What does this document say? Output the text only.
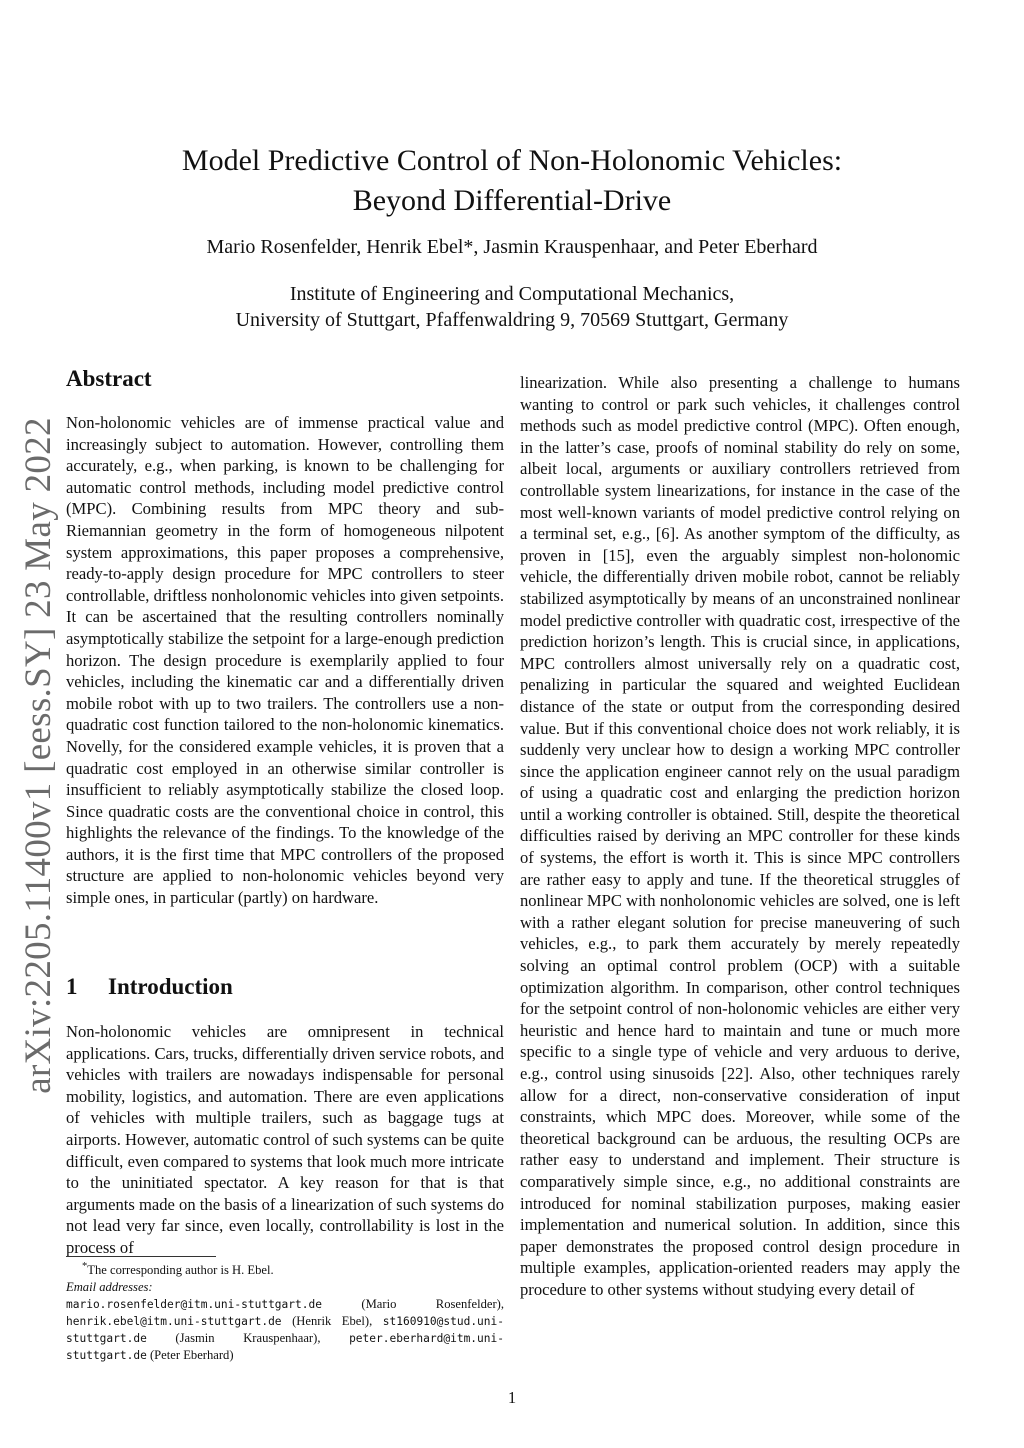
arXiv:2205.11400v1 [eess.SY] 23 May 2022
Model Predictive Control of Non-Holonomic Vehicles:
Beyond Differential-Drive
Mario Rosenfelder, Henrik Ebel*, Jasmin Krauspenhaar, and Peter Eberhard
Institute of Engineering and Computational Mechanics,
University of Stuttgart, Pfaffenwaldring 9, 70569 Stuttgart, Germany
Abstract

Non-holonomic vehicles are of immense practical value and increasingly subject to automation. However, controlling them accurately, e.g., when parking, is known to be challenging for automatic control methods, including model predictive control (MPC). Combining results from MPC theory and sub-Riemannian geometry in the form of homogeneous nilpotent system approximations, this paper proposes a comprehensive, ready-to-apply design procedure for MPC controllers to steer controllable, driftless nonholonomic vehicles into given setpoints. It can be ascertained that the resulting controllers nominally asymptotically stabilize the setpoint for a large-enough prediction horizon. The design procedure is exemplarily applied to four vehicles, including the kinematic car and a differentially driven mobile robot with up to two trailers. The controllers use a non-quadratic cost function tailored to the non-holonomic kinematics. Novelly, for the considered example vehicles, it is proven that a quadratic cost employed in an otherwise similar controller is insufficient to reliably asymptotically stabilize the closed loop. Since quadratic costs are the conventional choice in control, this highlights the relevance of the findings. To the knowledge of the authors, it is the first time that MPC controllers of the proposed structure are applied to non-holonomic vehicles beyond very simple ones, in particular (partly) on hardware.

1 Introduction

Non-holonomic vehicles are omnipresent in technical applications. Cars, trucks, differentially driven service robots, and vehicles with trailers are nowadays indispensable for personal mobility, logistics, and automation. There are even applications of vehicles with multiple trailers, such as baggage tugs at airports. However, automatic control of such systems can be quite difficult, even compared to systems that look much more intricate to the uninitiated spectator. A key reason for that is that arguments made on the basis of a linearization of such systems do not lead very far since, even locally, controllability is lost in the process of

*The corresponding author is H. Ebel.
Email addresses:
mario.rosenfelder@itm.uni-stuttgart.de	(Mario Rosenfelder), henrik.ebel@itm.uni-stuttgart.de (Henrik Ebel), st160910@stud.uni-stuttgart.de (Jasmin Krauspenhaar),	peter.eberhard@itm.uni-stuttgart.de (Peter Eberhard)

linearization. While also presenting a challenge to humans wanting to control or park such vehicles, it challenges control methods such as model predictive control (MPC). Often enough, in the latter’s case, proofs of nominal stability do rely on some, albeit local, arguments or auxiliary controllers retrieved from controllable system linearizations, for instance in the case of the most well-known variants of model predictive control relying on a terminal set, e.g., [6]. As another symptom of the difficulty, as proven in [15], even the arguably simplest non-holonomic vehicle, the differentially driven mobile robot, cannot be reliably stabilized asymptotically by means of an unconstrained nonlinear model predictive controller with quadratic cost, irrespective of the prediction horizon’s length. This is crucial since, in applications, MPC controllers almost universally rely on a quadratic cost, penalizing in particular the squared and weighted Euclidean distance of the state or output from the corresponding desired value. But if this conventional choice does not work reliably, it is suddenly very unclear how to design a working MPC controller since the application engineer cannot rely on the usual paradigm of using a quadratic cost and enlarging the prediction horizon until a working controller is obtained. Still, despite the theoretical difficulties raised by deriving an MPC controller for these kinds of systems, the effort is worth it. This is since MPC controllers are rather easy to apply and tune. If the theoretical struggles of nonlinear MPC with nonholonomic vehicles are solved, one is left with a rather elegant solution for precise maneuvering of such vehicles, e.g., to park them accurately by merely repeatedly solving an optimal control problem (OCP) with a suitable optimization algorithm. In comparison, other control techniques for the setpoint control of non-holonomic vehicles are either very heuristic and hence hard to maintain and tune or much more specific to a single type of vehicle and very arduous to derive, e.g., control using sinusoids [22]. Also, other techniques rarely allow for a direct, non-conservative consideration of input constraints, which MPC does. Moreover, while some of the theoretical background can be arduous, the resulting OCPs are rather easy to understand and implement. Their structure is comparatively simple since, e.g., no additional constraints are introduced for nominal stabilization purposes, making easier implementation and numerical solution. In addition, since this paper demonstrates the proposed control design procedure in multiple examples, application-oriented readers may apply the procedure to other systems without studying every detail of

1
